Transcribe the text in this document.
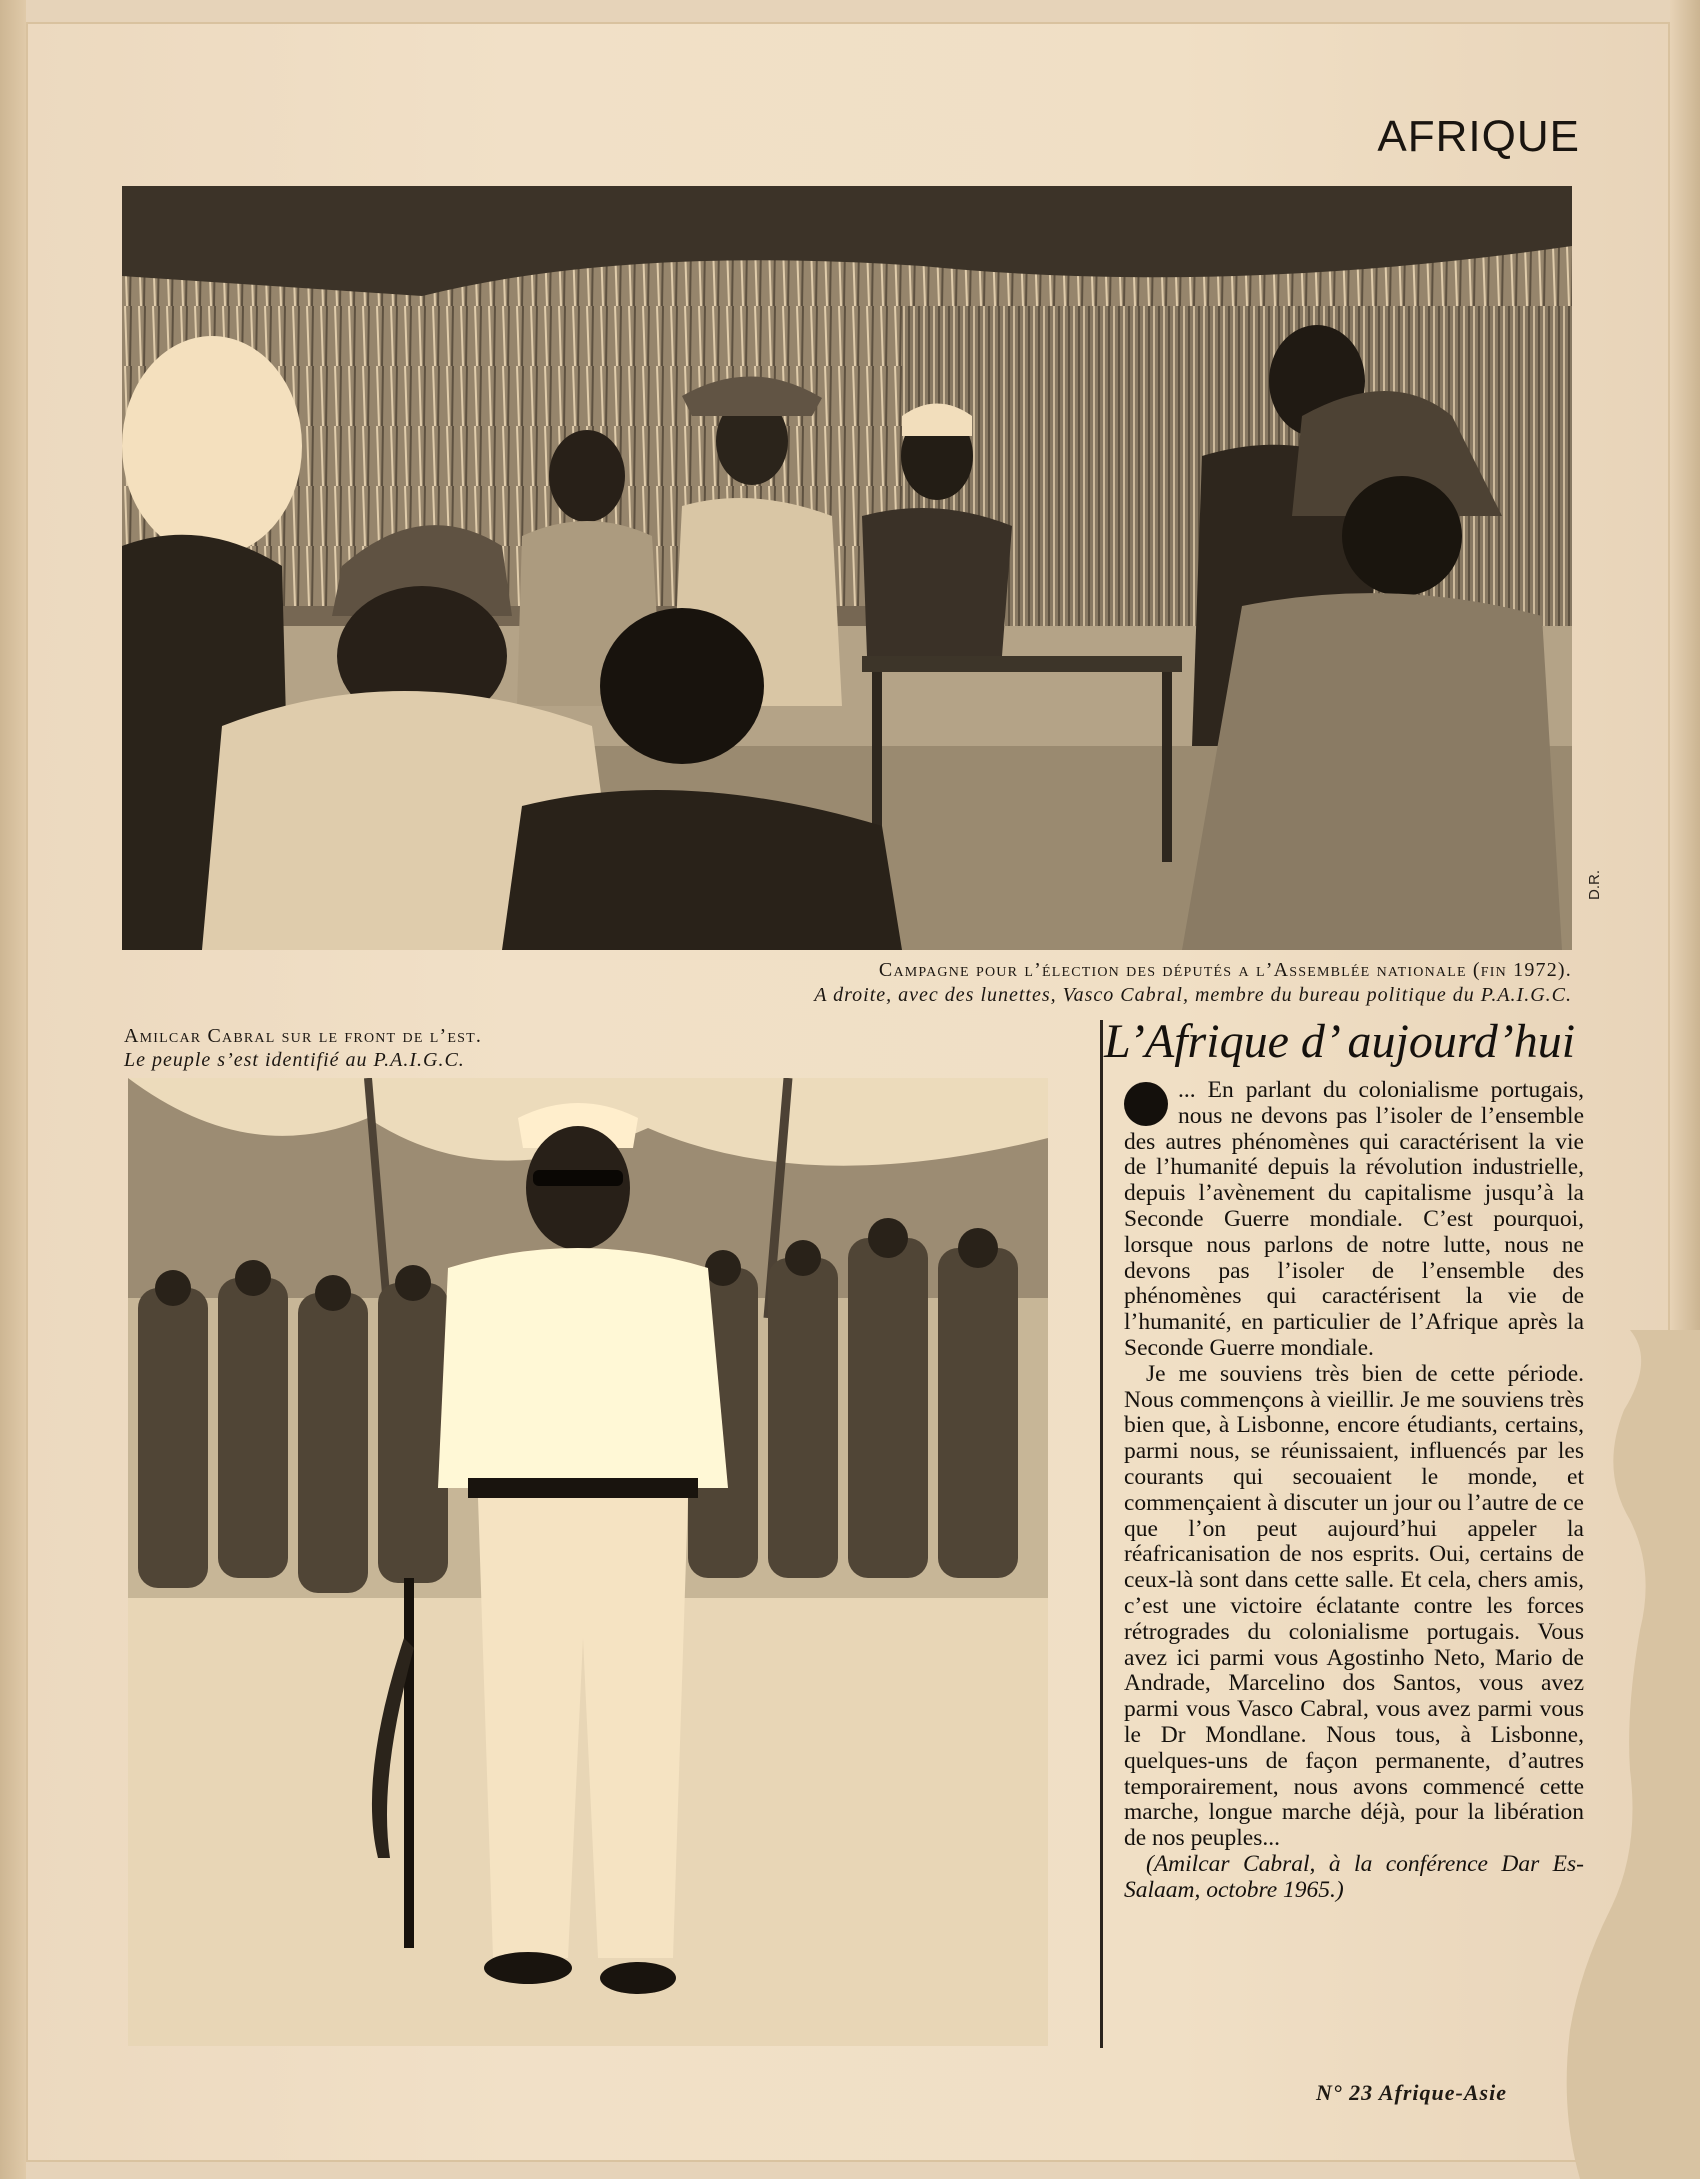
AFRIQUE
D.R.
Campagne pour l’élection des députés a l’Assemblée nationale (fin 1972).
A droite, avec des lunettes, Vasco Cabral, membre du bureau politique du P.A.I.G.C.
Amilcar Cabral sur le front de l’est.
Le peuple s’est identifié au P.A.I.G.C.	L’Afrique d’ aujourd’hui

... En parlant du colonialisme portugais, nous ne devons pas l’isoler de l’ensemble des autres phénomènes qui caractérisent la vie de l’humanité depuis la révolution industrielle, depuis l’avènement du capitalisme jusqu’à la Seconde Guerre mondiale. C’est pourquoi, lorsque nous parlons de notre lutte, nous ne devons pas l’isoler de l’ensemble des phénomènes qui caractérisent la vie de l’humanité, en particulier de l’Afrique après la Seconde Guerre mondiale.

Je me souviens très bien de cette période. Nous commençons à vieillir. Je me souviens très bien que, à Lisbonne, encore étudiants, certains, parmi nous, se réunissaient, influencés par les courants qui secouaient le monde, et commençaient à discuter un jour ou l’autre de ce que l’on peut aujourd’hui appeler la réafricanisation de nos esprits. Oui, certains de ceux-là sont dans cette salle. Et cela, chers amis, c’est une victoire éclatante contre les forces rétrogrades du colonialisme portugais. Vous avez ici parmi vous Agostinho Neto, Mario de Andrade, Marcelino dos Santos, vous avez parmi vous Vasco Cabral, vous avez parmi vous le Dr Mondlane. Nous tous, à Lisbonne, quelques-uns de façon permanente, d’autres temporairement, nous avons commencé cette marche, longue marche déjà, pour la libération de nos peuples...

(Amilcar Cabral, à la conférence Dar Es-Salaam, octobre 1965.)

N° 23 Afrique-Asie
